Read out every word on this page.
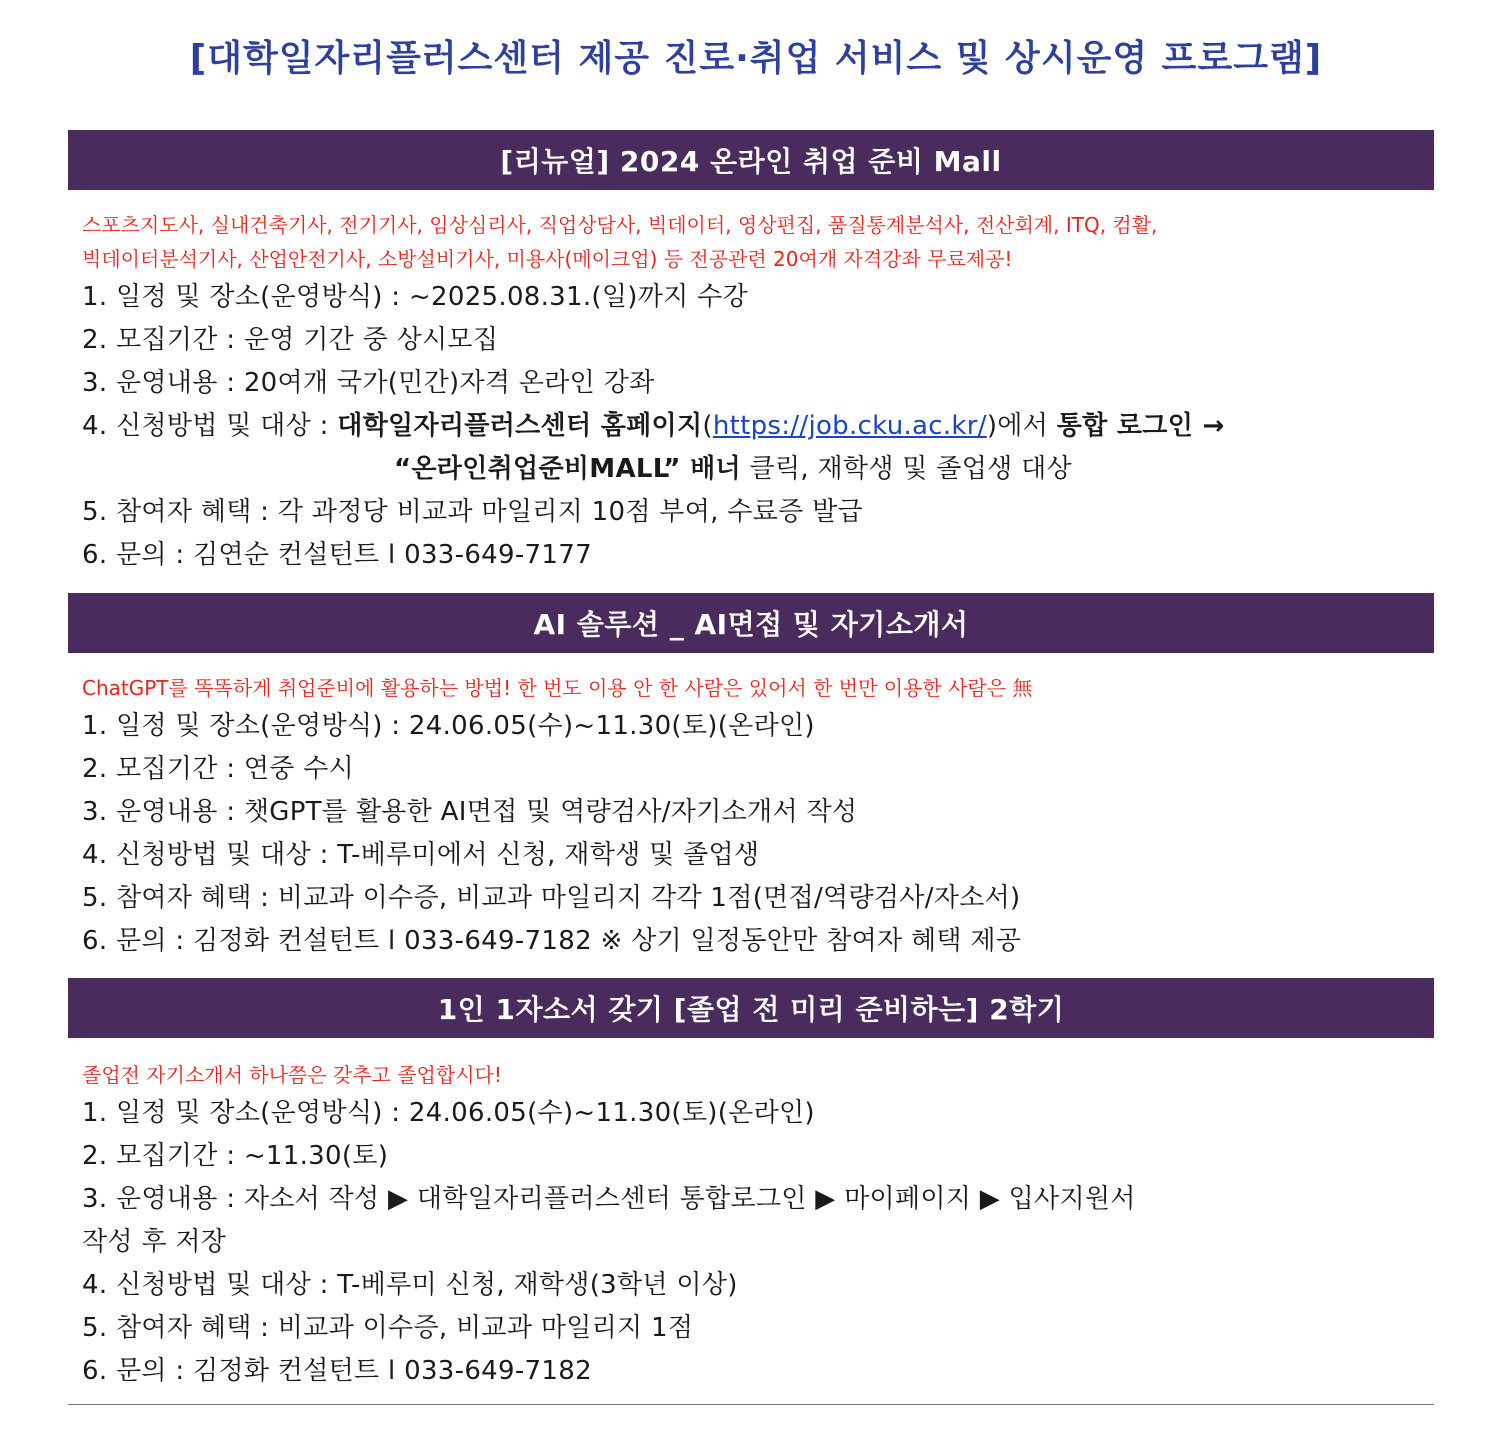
[대학일자리플러스센터 제공 진로·취업 서비스 및 상시운영 프로그램]
[리뉴얼] 2024 온라인 취업 준비 Mall
스포츠지도사, 실내건축기사, 전기기사, 임상심리사, 직업상담사, 빅데이터, 영상편집, 품질통계분석사, 전산회계, ITQ, 컴활,
빅데이터분석기사, 산업안전기사, 소방설비기사, 미용사(메이크업) 등 전공관련 20여개 자격강좌 무료제공!
1. 일정 및 장소(운영방식) : ~2025.08.31.(일)까지 수강
2. 모집기간 : 운영 기간 중 상시모집
3. 운영내용 : 20여개 국가(민간)자격 온라인 강좌
4. 신청방법 및 대상 : 대학일자리플러스센터 홈페이지(https://job.cku.ac.kr/)에서 통합 로그인 →
“온라인취업준비MALL” 배너 클릭, 재학생 및 졸업생 대상
5. 참여자 혜택 : 각 과정당 비교과 마일리지 10점 부여, 수료증 발급
6. 문의 : 김연순 컨설턴트 l 033-649-7177
AI 솔루션 _ AI면접 및 자기소개서
ChatGPT를 똑똑하게 취업준비에 활용하는 방법! 한 번도 이용 안 한 사람은 있어서 한 번만 이용한 사람은 無
1. 일정 및 장소(운영방식) : 24.06.05(수)~11.30(토)(온라인)
2. 모집기간 : 연중 수시
3. 운영내용 : 챗GPT를 활용한 AI면접 및 역량검사/자기소개서 작성
4. 신청방법 및 대상 : T-베루미에서 신청, 재학생 및 졸업생
5. 참여자 혜택 : 비교과 이수증, 비교과 마일리지 각각 1점(면접/역량검사/자소서)
6. 문의 : 김정화 컨설턴트 l 033-649-7182 ※ 상기 일정동안만 참여자 혜택 제공
1인 1자소서 갖기 [졸업 전 미리 준비하는] 2학기
졸업전 자기소개서 하나쯤은 갖추고 졸업합시다!
1. 일정 및 장소(운영방식) : 24.06.05(수)~11.30(토)(온라인)
2. 모집기간 : ~11.30(토)
3. 운영내용 : 자소서 작성 ▶ 대학일자리플러스센터 통합로그인 ▶ 마이페이지 ▶ 입사지원서
작성 후 저장
4. 신청방법 및 대상 : T-베루미 신청, 재학생(3학년 이상)
5. 참여자 혜택 : 비교과 이수증, 비교과 마일리지 1점
6. 문의 : 김정화 컨설턴트 l 033-649-7182
